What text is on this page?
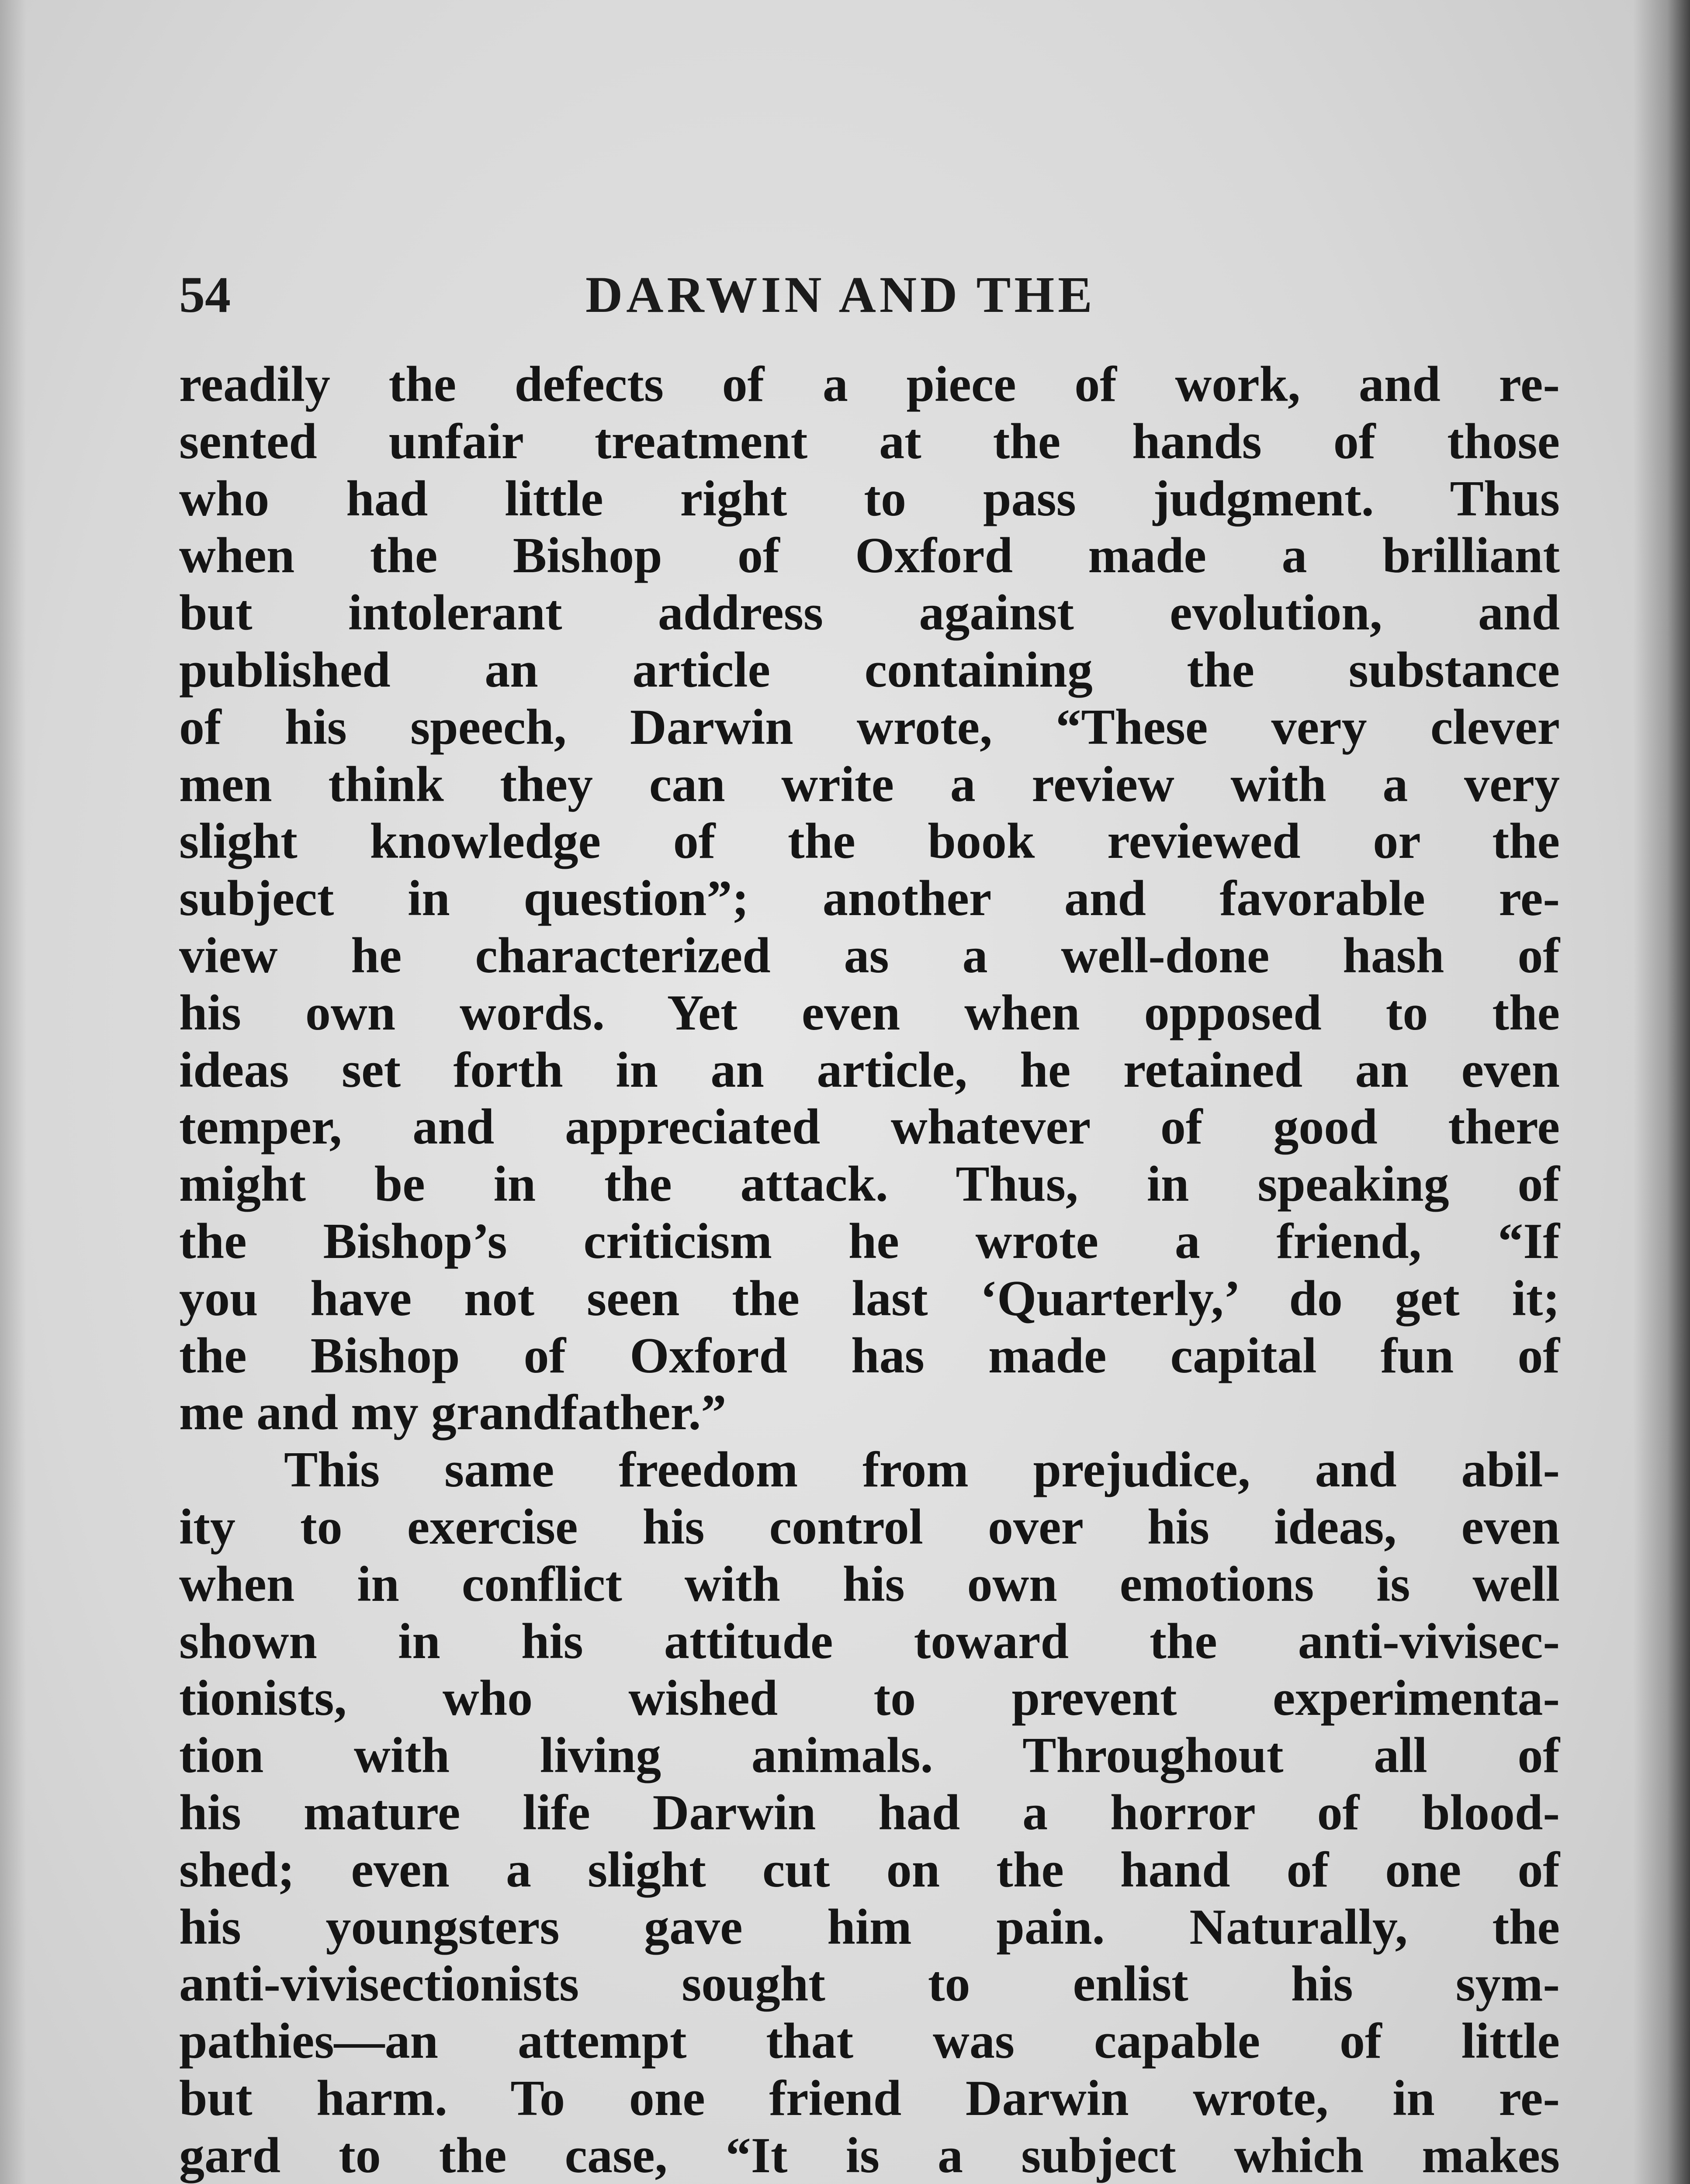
54	DARWIN AND THE
readily the defects of a piece of work, and re-
sented unfair treatment at the hands of those
who had little right to pass judgment. Thus
when the Bishop of Oxford made a brilliant
but intolerant address against evolution, and
published an article containing the substance
of his speech, Darwin wrote, “These very clever
men think they can write a review with a very
slight knowledge of the book reviewed or the
subject in question”; another and favorable re-
view he characterized as a well-done hash of
his own words. Yet even when opposed to the
ideas set forth in an article, he retained an even
temper, and appreciated whatever of good there
might be in the attack. Thus, in speaking of
the Bishop’s criticism he wrote a friend, “If
you have not seen the last ‘Quarterly,’ do get it;
the Bishop of Oxford has made capital fun of
me and my grandfather.”
This same freedom from prejudice, and abil-
ity to exercise his control over his ideas, even
when in conflict with his own emotions is well
shown in his attitude toward the anti-vivisec-
tionists, who wished to prevent experimenta-
tion with living animals. Throughout all of
his mature life Darwin had a horror of blood-
shed; even a slight cut on the hand of one of
his youngsters gave him pain. Naturally, the
anti-vivisectionists sought to enlist his sym-
pathies—an attempt that was capable of little
but harm. To one friend Darwin wrote, in re-
gard to the case, “It is a subject which makes
